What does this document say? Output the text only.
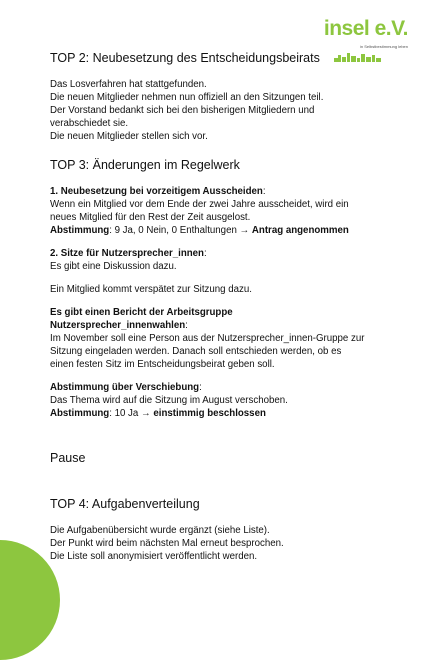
insel e.V.
in Selbstbestimmung leben
TOP 2: Neubesetzung des Entscheidungsbeirats

Das Losverfahren hat stattgefunden.

Die neuen Mitglieder nehmen nun offiziell an den Sitzungen teil.

Der Vorstand bedankt sich bei den bisherigen Mitgliedern und

verabschiedet sie.

Die neuen Mitglieder stellen sich vor.

TOP 3: Änderungen im Regelwerk

1. Neubesetzung bei vorzeitigem Ausscheiden:

Wenn ein Mitglied vor dem Ende der zwei Jahre ausscheidet, wird ein

neues Mitglied für den Rest der Zeit ausgelost.

Abstimmung: 9 Ja, 0 Nein, 0 Enthaltungen → Antrag angenommen

2. Sitze für Nutzersprecher_innen:

Es gibt eine Diskussion dazu.

Ein Mitglied kommt verspätet zur Sitzung dazu.

Es gibt einen Bericht der Arbeitsgruppe

Nutzersprecher_innenwahlen:

Im November soll eine Person aus der Nutzersprecher_innen-Gruppe zur

Sitzung eingeladen werden. Danach soll entschieden werden, ob es

einen festen Sitz im Entscheidungsbeirat geben soll.

Abstimmung über Verschiebung:

Das Thema wird auf die Sitzung im August verschoben.

Abstimmung: 10 Ja → einstimmig beschlossen

Pause
TOP 4: Aufgabenverteilung

Die Aufgabenübersicht wurde ergänzt (siehe Liste).

Der Punkt wird beim nächsten Mal erneut besprochen.

Die Liste soll anonymisiert veröffentlicht werden.
